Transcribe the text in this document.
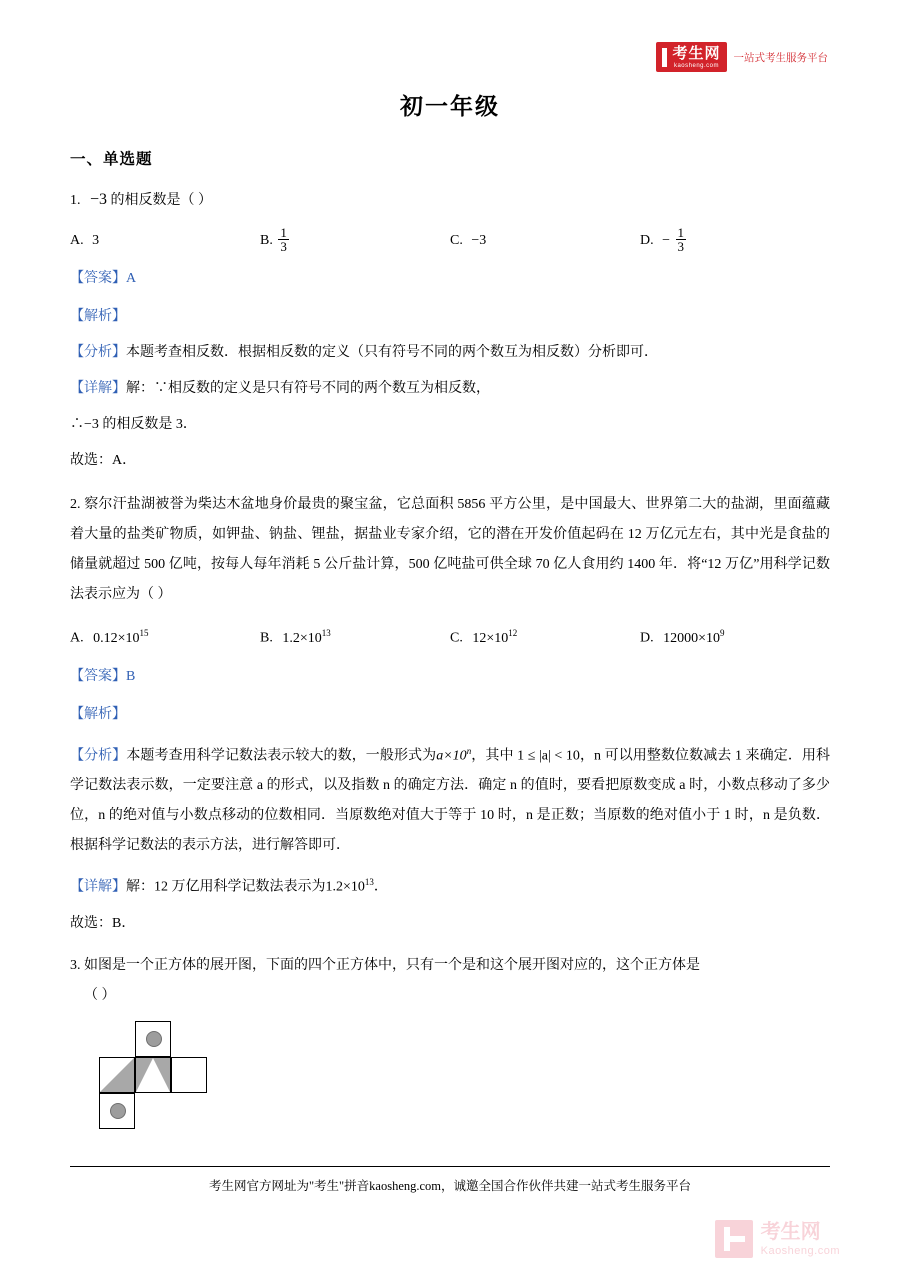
考生网
kaosheng.com
一站式考生服务平台
初一年级
一、单选题
1. −3 的相反数是（ ）
A. 3	B. $\frac{1}{3}$	C. −3	D. − $\frac{1}{3}$
【答案】A
【解析】
【分析】本题考查相反数．根据相反数的定义（只有符号不同的两个数互为相反数）分析即可．
【详解】解：∵相反数的定义是只有符号不同的两个数互为相反数，
∴−3 的相反数是 3．
故选：A．
2. 察尔汗盐湖被誉为柴达木盆地身价最贵的聚宝盆，它总面积 5856 平方公里，是中国最大、世界第二大的盐湖，里面蕴藏着大量的盐类矿物质，如钾盐、钠盐、锂盐，据盐业专家介绍，它的潜在开发价值起码在 12 万亿元左右，其中光是食盐的储量就超过 500 亿吨，按每人每年消耗 5 公斤盐计算，500 亿吨盐可供全球 70 亿人食用约 1400 年．将“12 万亿”用科学记数法表示应为（ ）
A. $0.12\times 10^{15}$	B. $1.2\times 10^{13}$	C. $12\times 10^{12}$	D. $12000\times 10^9$
【答案】B
【解析】
【分析】本题考查用科学记数法表示较大的数，一般形式为$a\times 10^n$，其中 1 ≤ |a| < 10，n 可以用整数位数减去 1 来确定．用科学记数法表示数，一定要注意 a 的形式，以及指数 n 的确定方法．确定 n 的值时，要看把原数变成 a 时，小数点移动了多少位，n 的绝对值与小数点移动的位数相同．当原数绝对值大于等于 10 时，n 是正数；当原数的绝对值小于 1 时，n 是负数．根据科学记数法的表示方法，进行解答即可．
【详解】解：12 万亿用科学记数法表示为$1.2\times 10^{13}$．
故选：B．
3. 如图是一个正方体的展开图，下面的四个正方体中，只有一个是和这个展开图对应的，这个正方体是
（ ）
考生网官方网址为"考生"拼音kaosheng.com，诚邀全国合作伙伴共建一站式考生服务平台
考生网
Kaosheng.com
